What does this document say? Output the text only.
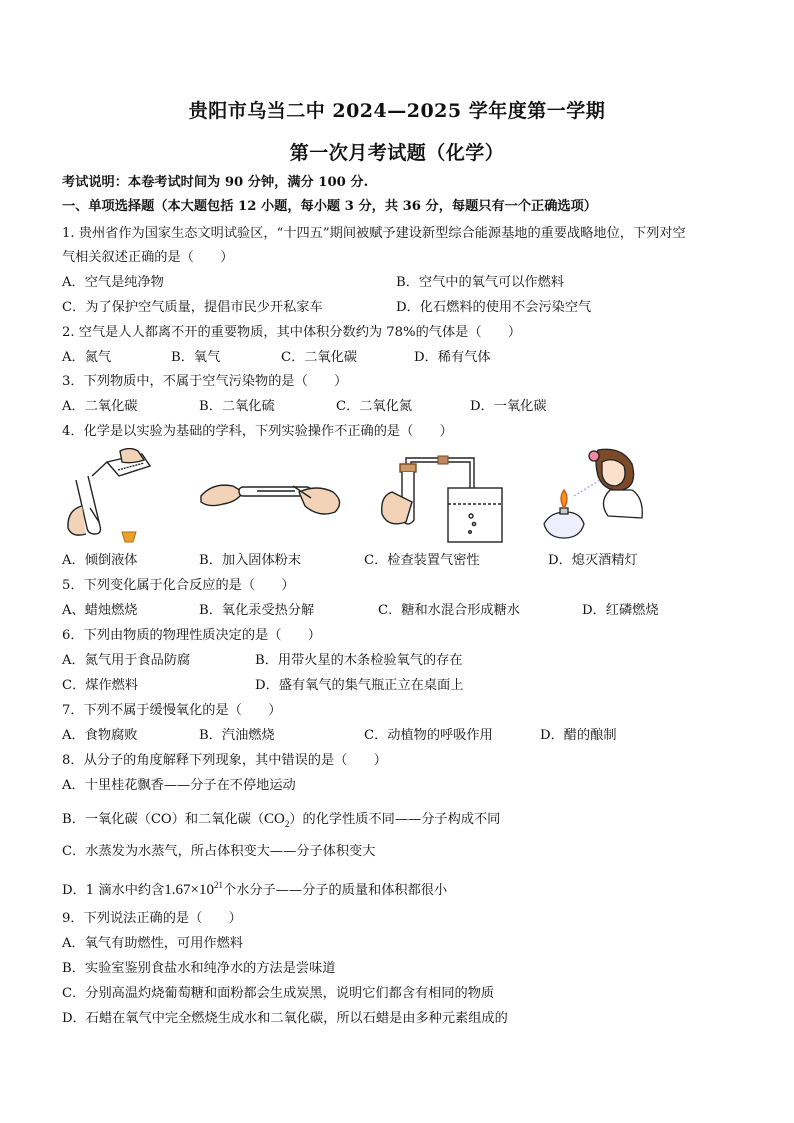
贵阳市乌当二中 2024—2025 学年度第一学期
第一次月考试题（化学）
考试说明：本卷考试时间为 90 分钟，满分 100 分.
一、单项选择题（本大题包括 12 小题，每小题 3 分，共 36 分，每题只有一个正确选项）
1. 贵州省作为国家生态文明试验区，“十四五”期间被赋予建设新型综合能源基地的重要战略地位，下列对空
气相关叙述正确的是（　　）
A．空气是纯净物	B．空气中的氧气可以作燃料
C．为了保护空气质量，提倡市民少开私家车	D．化石燃料的使用不会污染空气
2. 空气是人人都离不开的重要物质，其中体积分数约为 78%的气体是（　　）
A．氮气	B．氧气	C．二氧化碳	D．稀有气体
3．下列物质中，不属于空气污染物的是（　　）
A．二氧化碳	B．二氧化硫	C．二氧化氮	D．一氧化碳
4．化学是以实验为基础的学科，下列实验操作不正确的是（　　）
A．倾倒液体	B．加入固体粉末	C．检查装置气密性	D．熄灭酒精灯
5．下列变化属于化合反应的是（　　）
A、蜡烛燃烧	B．氧化汞受热分解	C．糖和水混合形成糖水	D．红磷燃烧
6．下列由物质的物理性质决定的是（　　）
A．氮气用于食品防腐	B．用带火星的木条检验氧气的存在
C．煤作燃料	D．盛有氧气的集气瓶正立在桌面上
7．下列不属于缓慢氧化的是（　　）
A．食物腐败	B．汽油燃烧	C．动植物的呼吸作用	D．醋的酿制
8．从分子的角度解释下列现象，其中错误的是（　　）
A．十里桂花飘香——分子在不停地运动
B．一氧化碳（CO）和二氧化碳$(CO_2)$的化学性质不同——分子构成不同
C．水蒸发为水蒸气，所占体积变大——分子体积变大
D．1 滴水中约含$1.67\times 10^{21}$个水分子——分子的质量和体积都很小
9．下列说法正确的是（　　）
A．氧气有助燃性，可用作燃料
B．实验室鉴别食盐水和纯净水的方法是尝味道
C．分别高温灼烧葡萄糖和面粉都会生成炭黑，说明它们都含有相同的物质
D．石蜡在氧气中完全燃烧生成水和二氧化碳，所以石蜡是由多种元素组成的
